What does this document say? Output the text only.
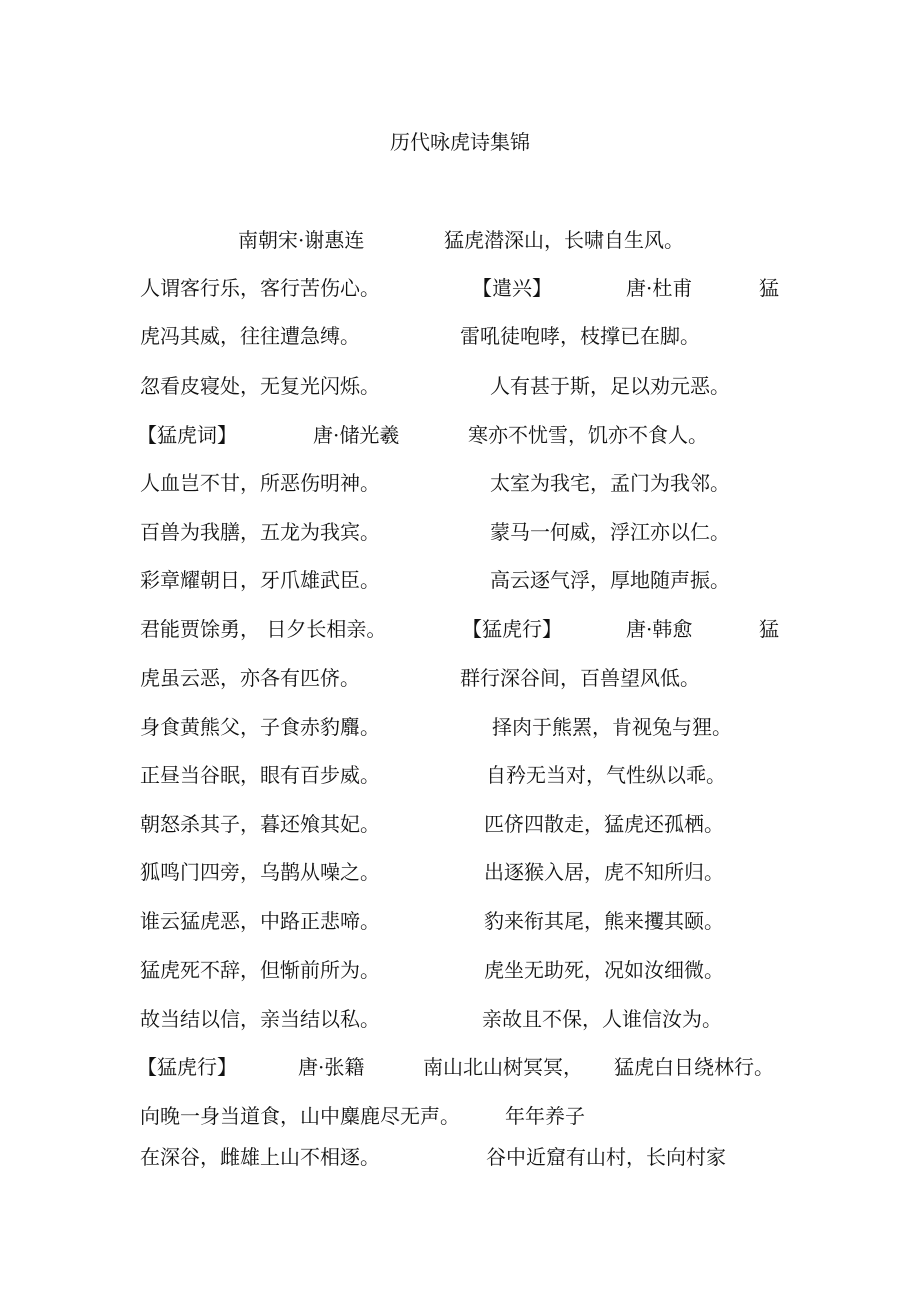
历代咏虎诗集锦
南朝宋·谢惠连	猛虎潜深山，长啸自生风。
人谓客行乐，客行苦伤心。	【遣兴】	唐·杜甫	猛
虎冯其威，往往遭急缚。	雷吼徒咆哮，枝撑已在脚。
忽看皮寝处，无复光闪烁。	人有甚于斯，足以劝元恶。
【猛虎词】	唐·储光羲	寒亦不忧雪，饥亦不食人。
人血岂不甘，所恶伤明神。	太室为我宅，孟门为我邻。
百兽为我膳，五龙为我宾。	蒙马一何威，浮江亦以仁。
彩章耀朝日，牙爪雄武臣。	高云逐气浮，厚地随声振。
君能贾馀勇， 日夕长相亲。	【猛虎行】	唐·韩愈	猛
虎虽云恶，亦各有匹侪。	群行深谷间，百兽望风低。
身食黄熊父，子食赤豹麛。	择肉于熊罴，肯视兔与狸。
正昼当谷眠，眼有百步威。	自矜无当对，气性纵以乖。
朝怒杀其子，暮还飧其妃。	匹侪四散走，猛虎还孤栖。
狐鸣门四旁，乌鹊从噪之。	出逐猴入居，虎不知所归。
谁云猛虎恶，中路正悲啼。	豹来衔其尾，熊来攫其颐。
猛虎死不辞，但惭前所为。	虎坐无助死，况如汝细微。
故当结以信，亲当结以私。	亲故且不保，人谁信汝为。
【猛虎行】	唐·张籍	南山北山树冥冥， 猛虎白日绕林行。
向晚一身当道食，山中麋鹿尽无声。 年年养子
在深谷，雌雄上山不相逐。	谷中近窟有山村，长向村家
